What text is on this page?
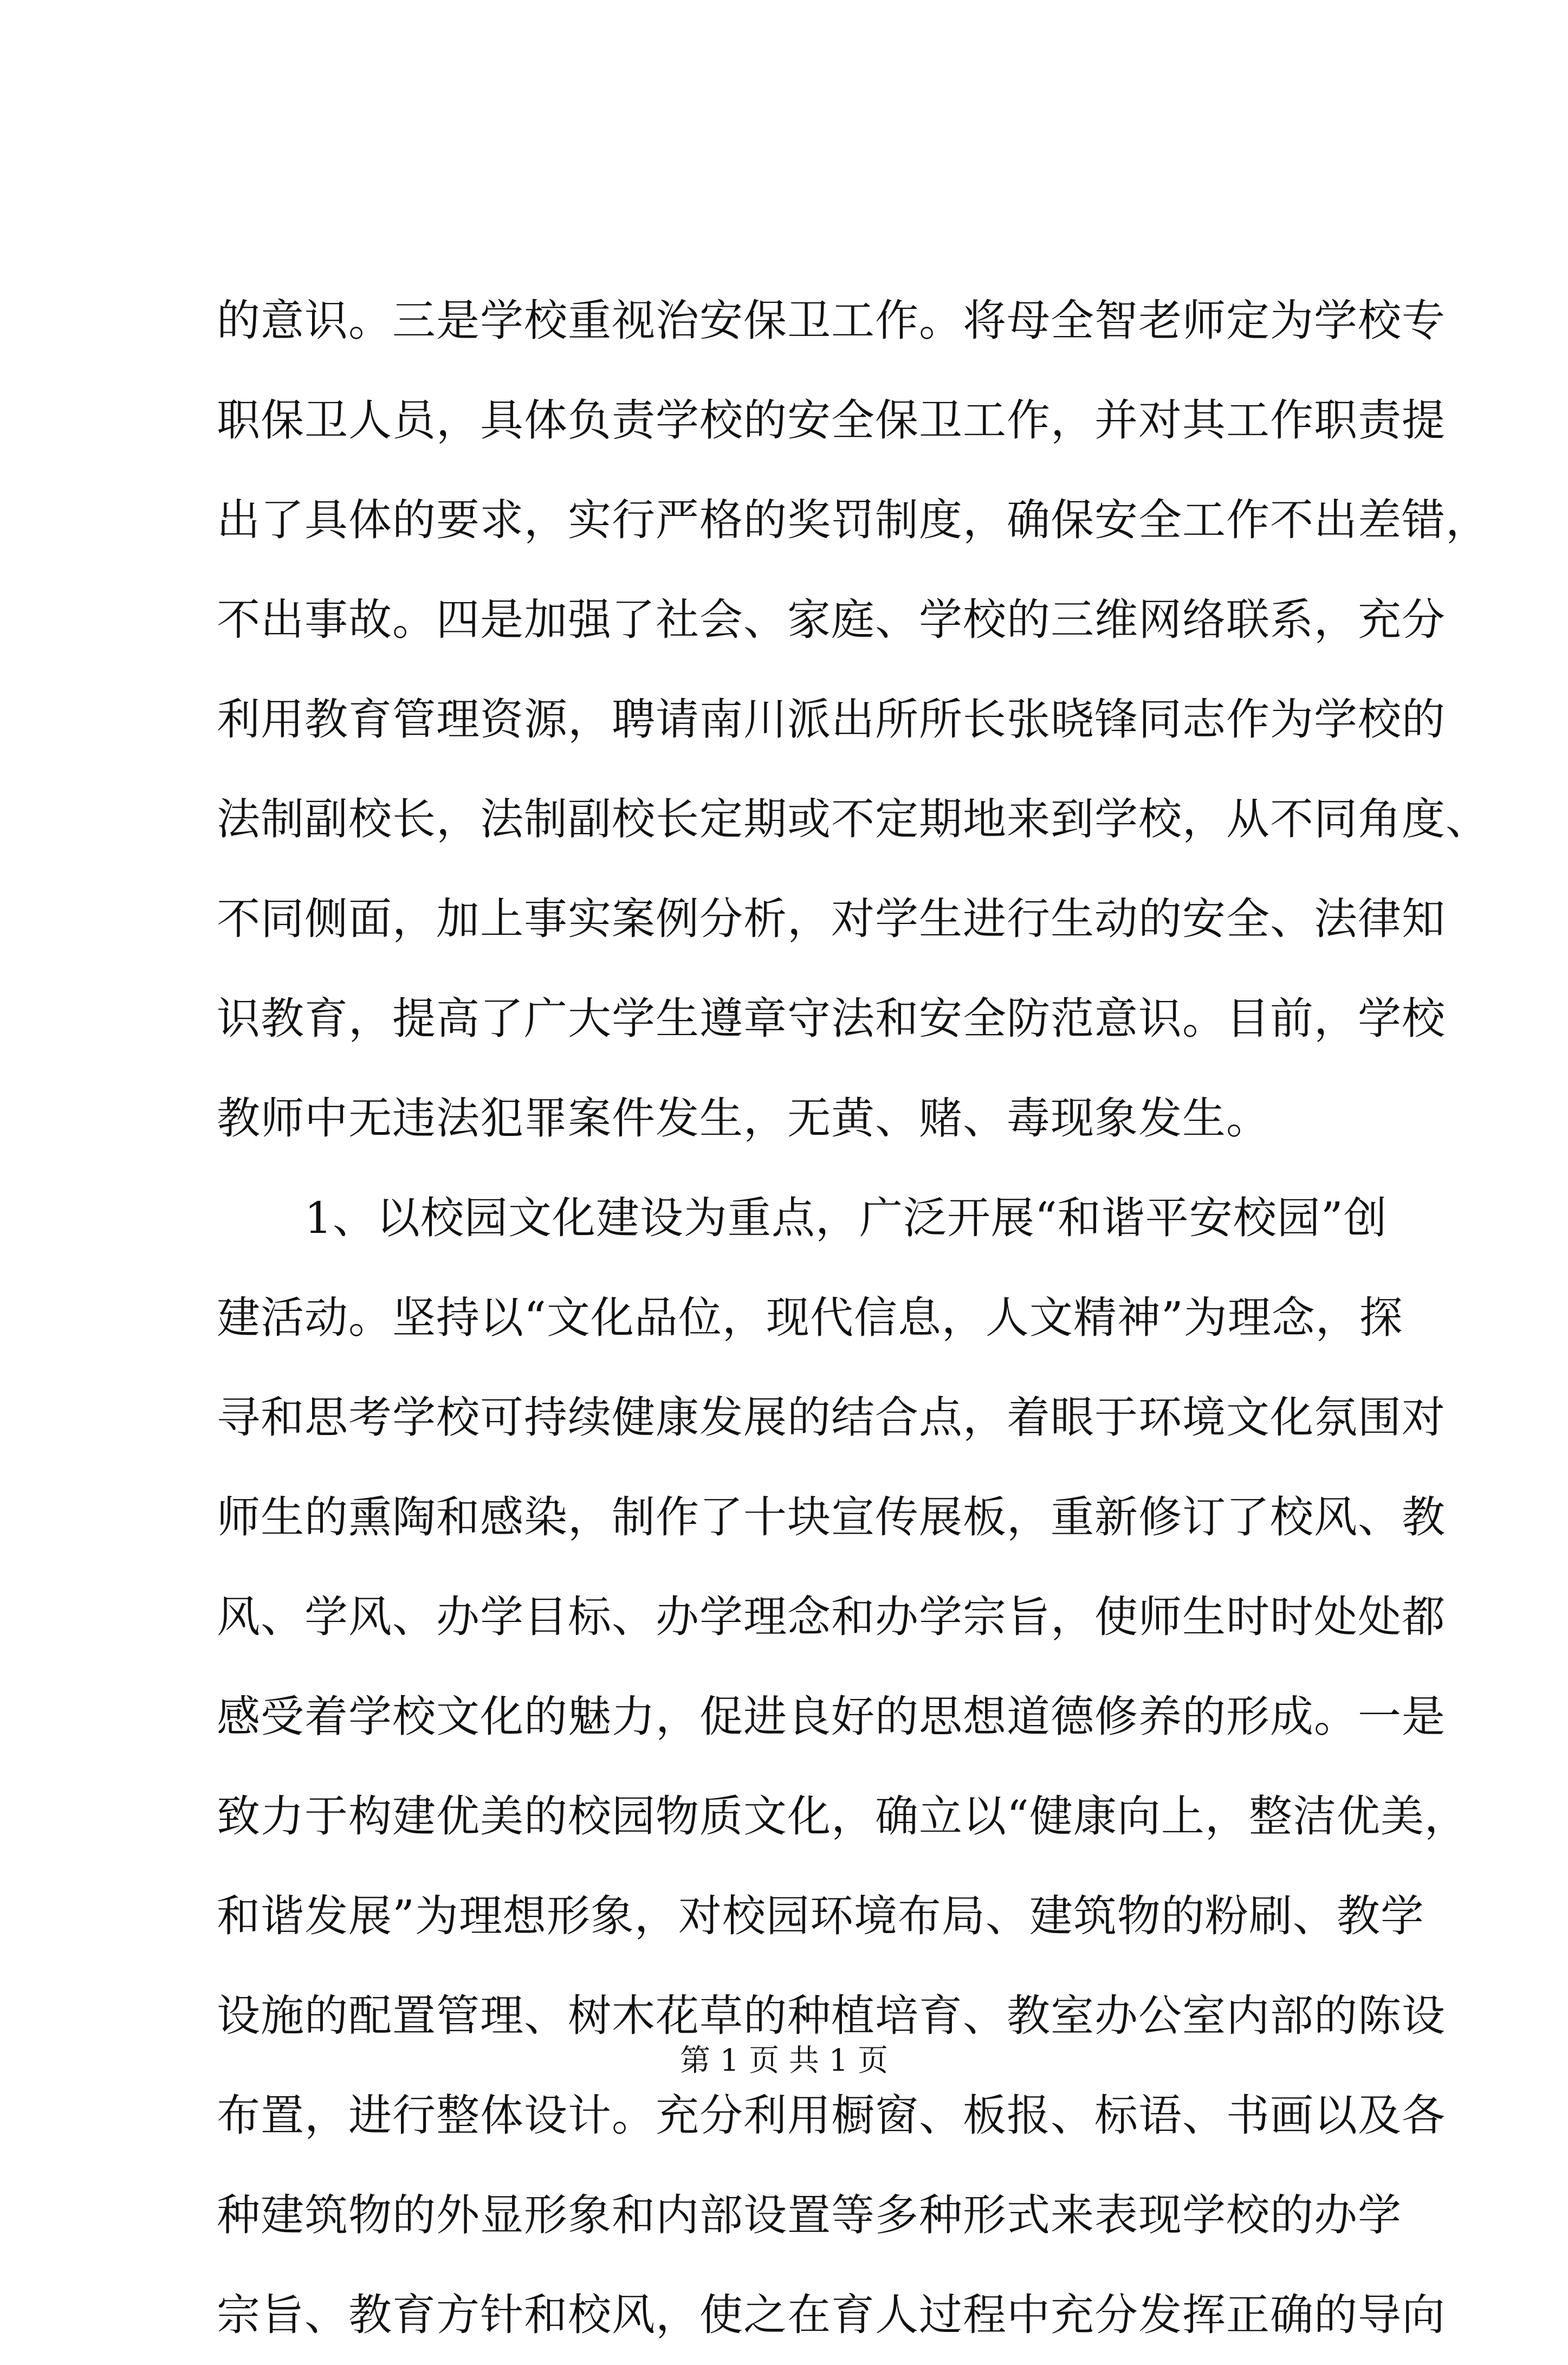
的意识。三是学校重视治安保卫工作。将母全智老师定为学校专
职保卫人员，具体负责学校的安全保卫工作，并对其工作职责提
出了具体的要求，实行严格的奖罚制度，确保安全工作不出差错，
不出事故。四是加强了社会、家庭、学校的三维网络联系，充分
利用教育管理资源，聘请南川派出所所长张晓锋同志作为学校的
法制副校长，法制副校长定期或不定期地来到学校，从不同角度、
不同侧面，加上事实案例分析，对学生进行生动的安全、法律知
识教育，提高了广大学生遵章守法和安全防范意识。目前，学校
教师中无违法犯罪案件发生，无黄、赌、毒现象发生。
　　1、以校园文化建设为重点，广泛开展“和谐平安校园”创
建活动。坚持以“文化品位，现代信息，人文精神”为理念，探
寻和思考学校可持续健康发展的结合点，着眼于环境文化氛围对
师生的熏陶和感染，制作了十块宣传展板，重新修订了校风、教
风、学风、办学目标、办学理念和办学宗旨，使师生时时处处都
感受着学校文化的魅力，促进良好的思想道德修养的形成。一是
致力于构建优美的校园物质文化，确立以“健康向上，整洁优美，
和谐发展”为理想形象，对校园环境布局、建筑物的粉刷、教学
设施的配置管理、树木花草的种植培育、教室办公室内部的陈设
布置，进行整体设计。充分利用橱窗、板报、标语、书画以及各
种建筑物的外显形象和内部设置等多种形式来表现学校的办学
宗旨、教育方针和校风，使之在育人过程中充分发挥正确的导向
第 1 页 共 1 页
